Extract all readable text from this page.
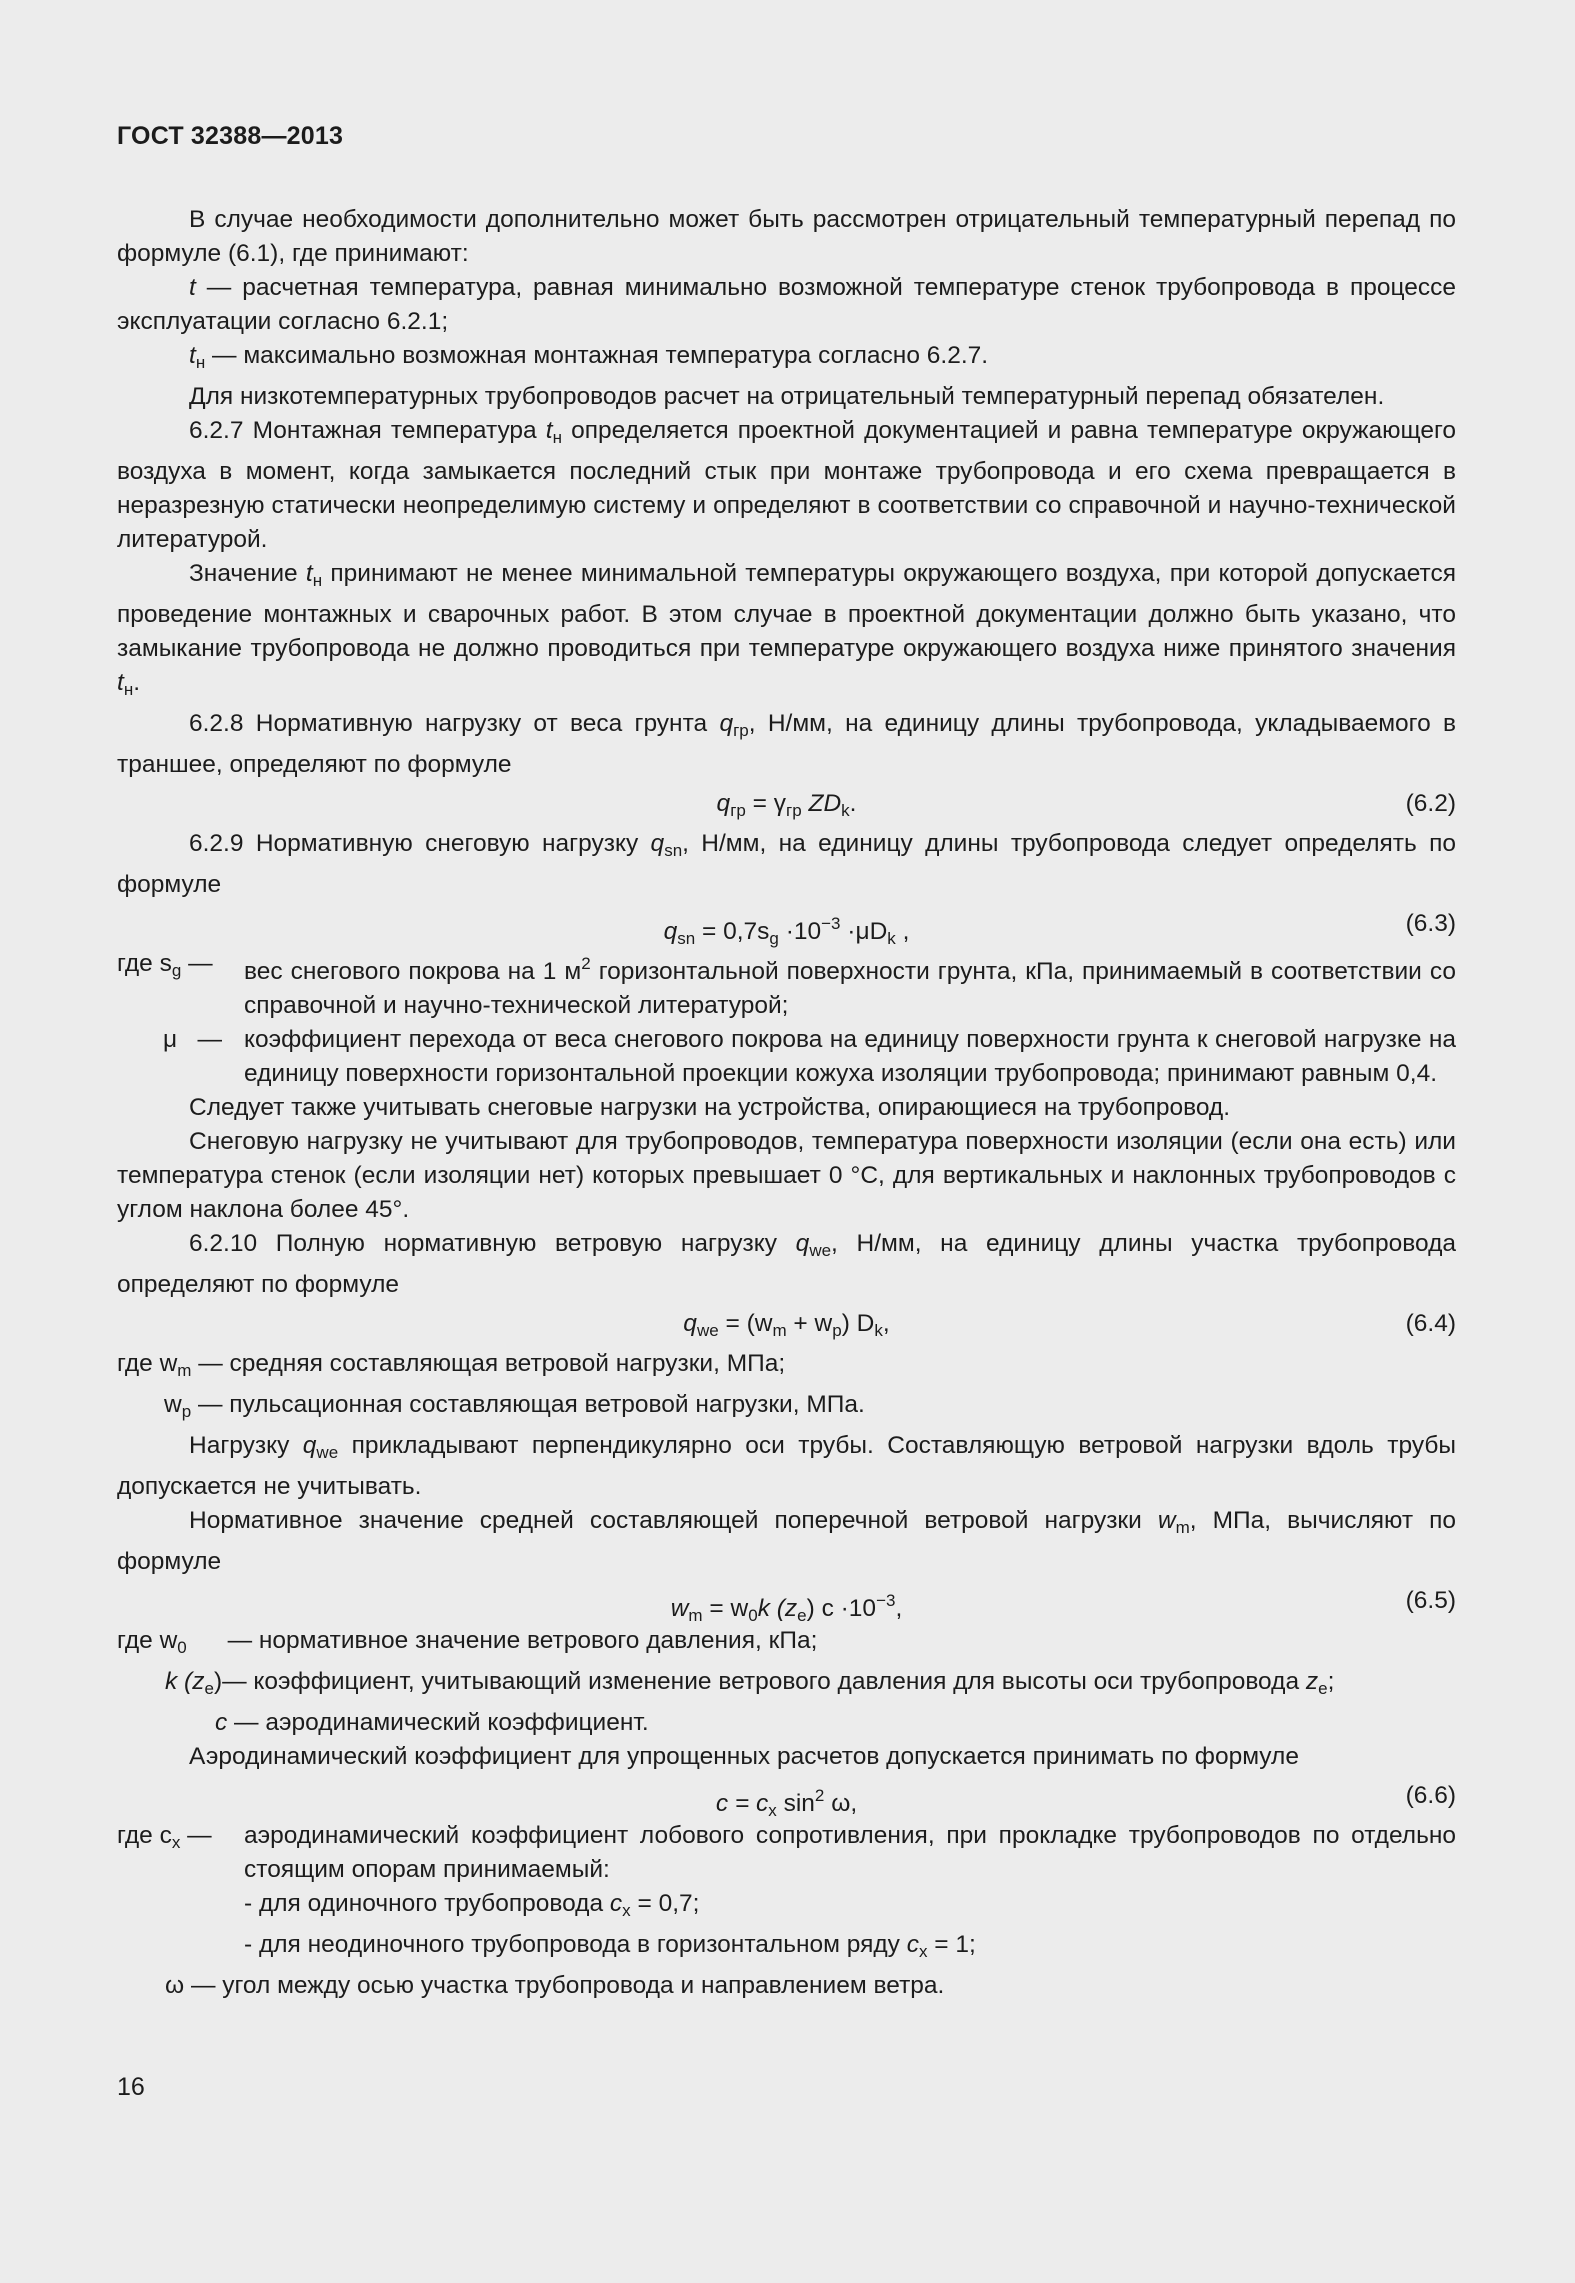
ГОСТ 32388—2013

В случае необходимости дополнительно может быть рассмотрен отрицательный температурный перепад по формуле (6.1), где принимают:

t — расчетная температура, равная минимально возможной температуре стенок трубопровода в процессе эксплуатации согласно 6.2.1;

$t_н$ — максимально возможная монтажная температура согласно 6.2.7.

Для низкотемпературных трубопроводов расчет на отрицательный температурный перепад обязателен.

6.2.7 Монтажная температура $t_н$ определяется проектной документацией и равна температуре окружающего воздуха в момент, когда замыкается последний стык при монтаже трубопровода и его схема превращается в неразрезную статически неопределимую систему и определяют в соответствии со справочной и научно-технической литературой.

Значение $t_н$ принимают не менее минимальной температуры окружающего воздуха, при которой допускается проведение монтажных и сварочных работ. В этом случае в проектной документации должно быть указано, что замыкание трубопровода не должно проводиться при температуре окружающего воздуха ниже принятого значения $t_н$.

6.2.8 Нормативную нагрузку от веса грунта $q_{гр}$, Н/мм, на единицу длины трубопровода, укладываемого в траншее, определяют по формуле

$q_{гр} = \gamma_{гр}$ $ZD_k$.	(6.2)

6.2.9 Нормативную снеговую нагрузку $q_{sn}$, Н/мм, на единицу длины трубопровода следует определять по формуле

$q_{sn} = 0,7s_g \cdot 10^{-3} \cdot\mu D_k$ ,	(6.3)
где $s_g$ —	вес снегового покрова на 1 $м^2$ горизонтальной поверхности грунта, кПа, принимаемый в соответствии со справочной и научно-технической литературой;
μ — коэффициент перехода от веса снегового покрова на единицу поверхности грунта к снеговой нагрузке на единицу поверхности горизонтальной проекции кожуха изоляции трубопровода; принимают равным 0,4.

Следует также учитывать снеговые нагрузки на устройства, опирающиеся на трубопровод.

Снеговую нагрузку не учитывают для трубопроводов, температура поверхности изоляции (если она есть) или температура стенок (если изоляции нет) которых превышает 0 °С, для вертикальных и наклонных трубопроводов с углом наклона более 45°.

6.2.10 Полную нормативную ветровую нагрузку $q_{we}$, Н/мм, на единицу длины участка трубопровода определяют по формуле

$q_{we} = (w_m + w_p)$ $D_k$,	(6.4)

где $w_m$ — средняя составляющая ветровой нагрузки, МПа;

$w_p$ — пульсационная составляющая ветровой нагрузки, МПа.

Нагрузку $q_{we}$ прикладывают перпендикулярно оси трубы. Составляющую ветровой нагрузки вдоль трубы допускается не учитывать.

Нормативное значение средней составляющей поперечной ветровой нагрузки $w_m$, МПа, вычисляют по формуле

$w_m = w_0k$ $(z_e)$ $c \cdot 10^{-3}$,	(6.5)

где $w_0$ — нормативное значение ветрового давления, кПа;

k $(z_e)—$ коэффициент, учитывающий изменение ветрового давления для высоты оси трубопровода $z_e$;

c — аэродинамический коэффициент.

Аэродинамический коэффициент для упрощенных расчетов допускается принимать по формуле

$c = c_x$ $\sin^2 \omega$,	(6.6)
где $c_x$ —	аэродинамический коэффициент лобового сопротивления, при прокладке трубопроводов по отдельно стоящим опорам принимаемый:
- для одиночного трубопровода $c_x = 0,7$;
- для неодиночного трубопровода в горизонтальном ряду $c_x = 1$;

ω — угол между осью участка трубопровода и направлением ветра.

16
